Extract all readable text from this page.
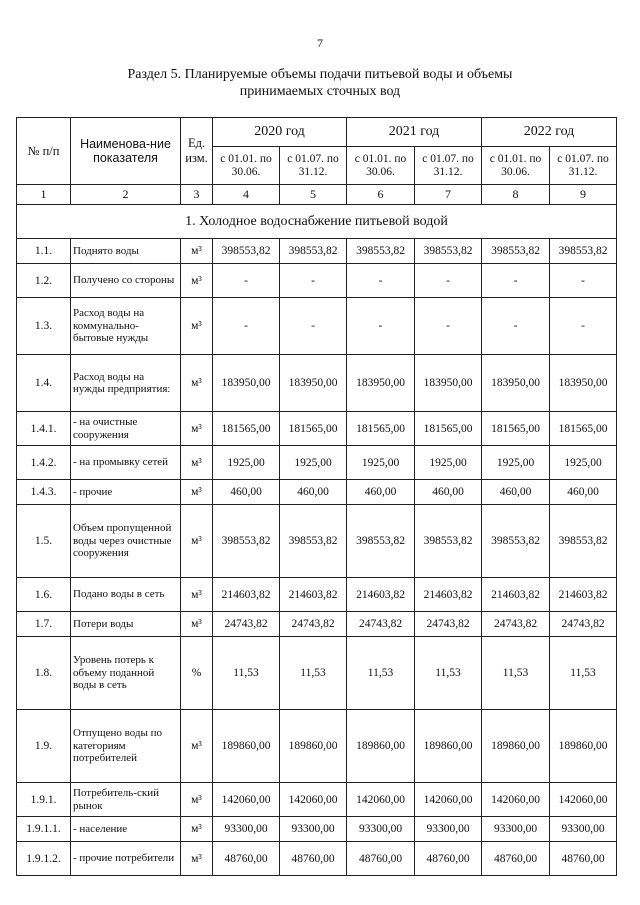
7
Раздел 5. Планируемые объемы подачи питьевой воды и объемы
принимаемых сточных вод
№ п/п	Наименова-ние показателя	Ед. изм.	2020 год		2021 год		2022 год	
			с 01.01. по 30.06.	с 01.07. по 31.12.	с 01.01. по 30.06.	с 01.07. по 31.12.	с 01.01. по 30.06.	с 01.07. по 31.12.
1	2	3	4	5	6	7	8	9
1. Холодное водоснабжение питьевой водой								
1.1.	Поднято воды	м³	398553,82	398553,82	398553,82	398553,82	398553,82	398553,82
1.2.	Получено со стороны	м³	-	-	-	-	-	-
1.3.	Расход воды на коммунально-бытовые нужды	м³	-	-	-	-	-	-
1.4.	Расход воды на нужды предприятия:	м³	183950,00	183950,00	183950,00	183950,00	183950,00	183950,00
1.4.1.	- на очистные сооружения	м³	181565,00	181565,00	181565,00	181565,00	181565,00	181565,00
1.4.2.	- на промывку сетей	м³	1925,00	1925,00	1925,00	1925,00	1925,00	1925,00
1.4.3.	- прочие	м³	460,00	460,00	460,00	460,00	460,00	460,00
1.5.	Объем пропущенной воды через очистные сооружения	м³	398553,82	398553,82	398553,82	398553,82	398553,82	398553,82
1.6.	Подано воды в сеть	м³	214603,82	214603,82	214603,82	214603,82	214603,82	214603,82
1.7.	Потери воды	м³	24743,82	24743,82	24743,82	24743,82	24743,82	24743,82
1.8.	Уровень потерь к объему поданной воды в сеть	%	11,53	11,53	11,53	11,53	11,53	11,53
1.9.	Отпущено воды по категориям потребителей	м³	189860,00	189860,00	189860,00	189860,00	189860,00	189860,00
1.9.1.	Потребитель-ский рынок	м³	142060,00	142060,00	142060,00	142060,00	142060,00	142060,00
1.9.1.1.	- население	м³	93300,00	93300,00	93300,00	93300,00	93300,00	93300,00
1.9.1.2.	- прочие потребители	м³	48760,00	48760,00	48760,00	48760,00	48760,00	48760,00
